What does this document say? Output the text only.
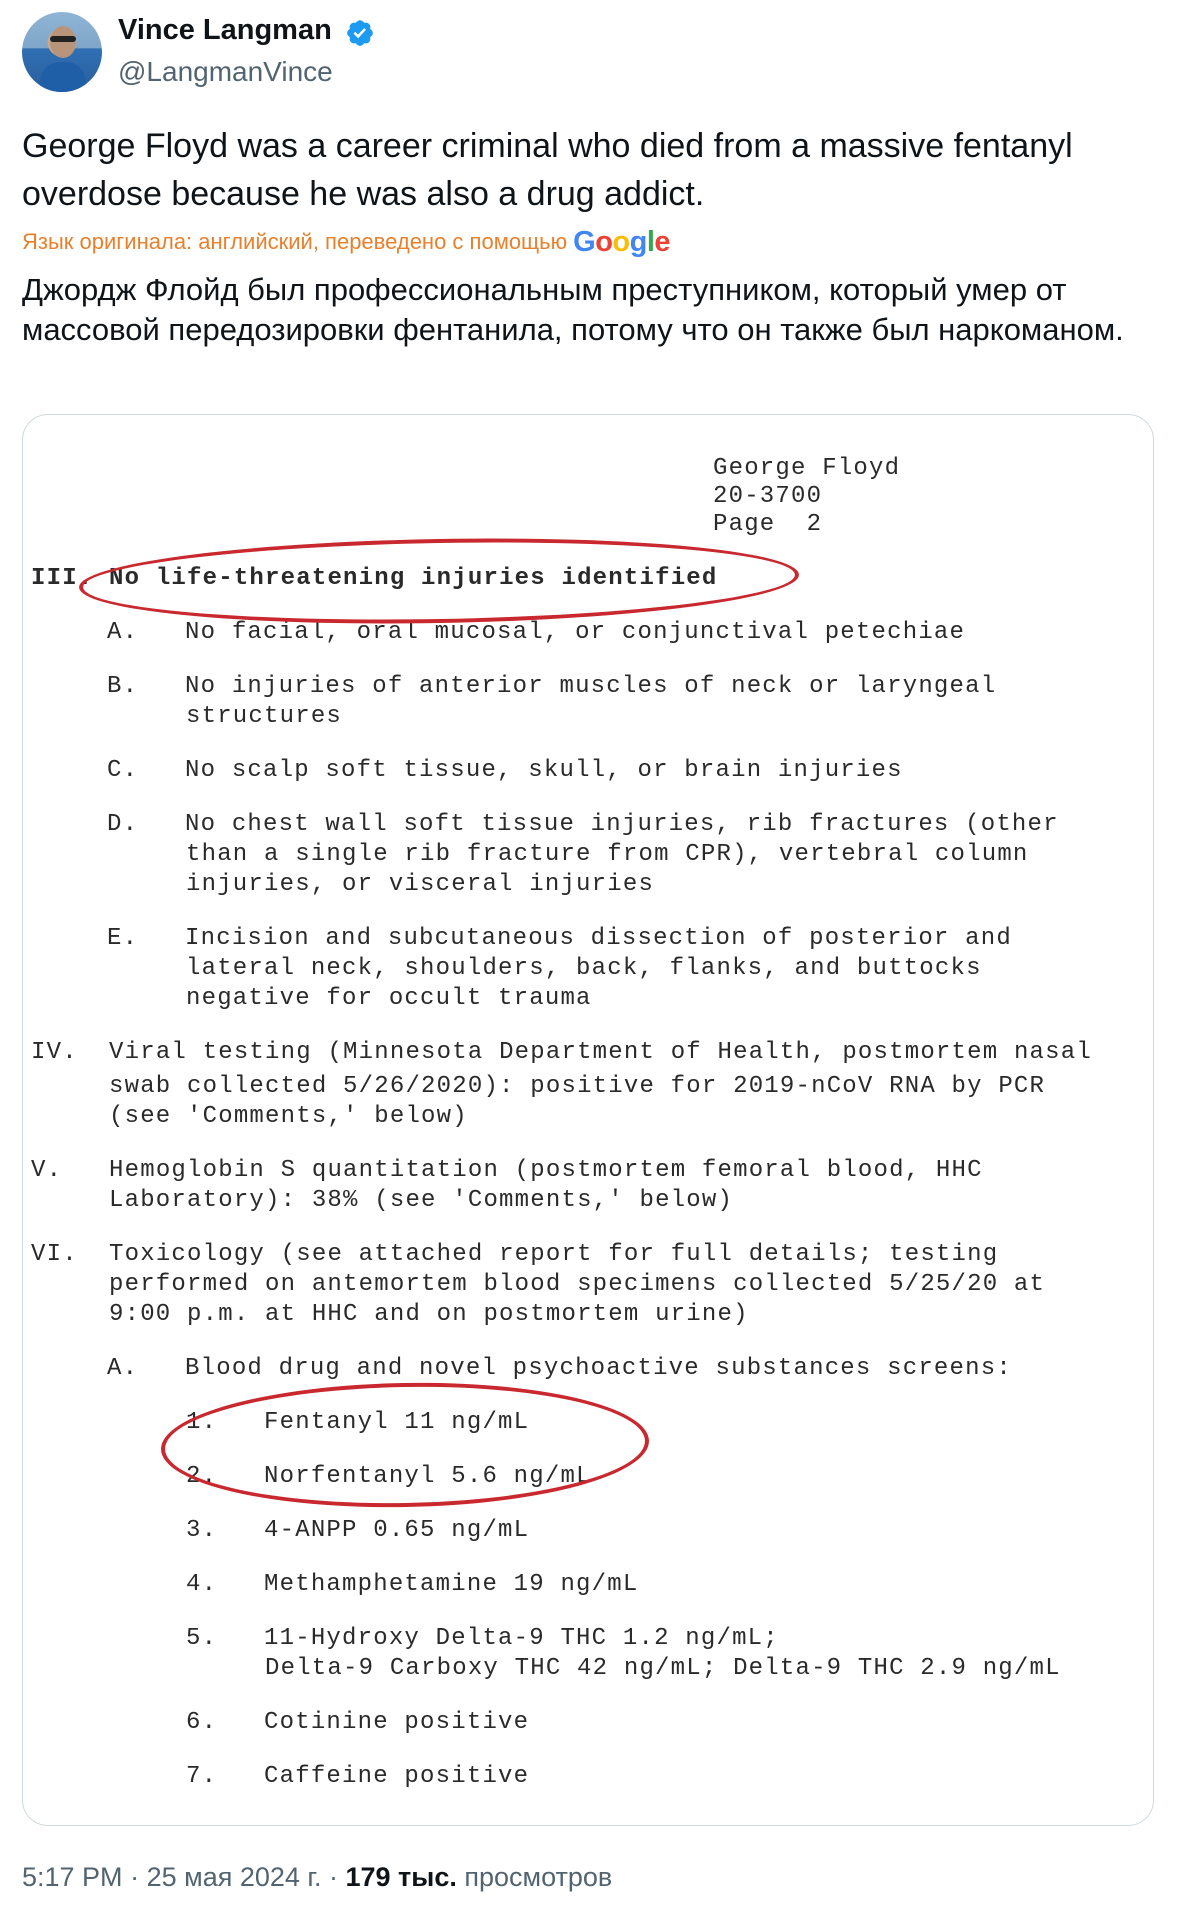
Vince Langman
@LangmanVince
George Floyd was a career criminal who died from a massive fentanyl overdose because he was also a drug addict.
Язык оригинала: английский, переведено с помощью Google
Джордж Флойд был профессиональным преступником, который умер от массовой передозировки фентанила, потому что он также был наркоманом.
George Floyd
20-3700
Page  2
III. No life-threatening injuries identified
A.   No facial, oral mucosal, or conjunctival petechiae
B.   No injuries of anterior muscles of neck or laryngeal
structures
C.   No scalp soft tissue, skull, or brain injuries
D.   No chest wall soft tissue injuries, rib fractures (other
than a single rib fracture from CPR), vertebral column
injuries, or visceral injuries
E.   Incision and subcutaneous dissection of posterior and
lateral neck, shoulders, back, flanks, and buttocks
negative for occult trauma
IV.  Viral testing (Minnesota Department of Health, postmortem nasal
swab collected 5/26/2020): positive for 2019-nCoV RNA by PCR
(see 'Comments,' below)
V.   Hemoglobin S quantitation (postmortem femoral blood, HHC
Laboratory): 38% (see 'Comments,' below)
VI.  Toxicology (see attached report for full details; testing
performed on antemortem blood specimens collected 5/25/20 at
9:00 p.m. at HHC and on postmortem urine)
A.   Blood drug and novel psychoactive substances screens:
1.   Fentanyl 11 ng/mL
2.   Norfentanyl 5.6 ng/mL
3.   4-ANPP 0.65 ng/mL
4.   Methamphetamine 19 ng/mL
5.   11-Hydroxy Delta-9 THC 1.2 ng/mL;
Delta-9 Carboxy THC 42 ng/mL; Delta-9 THC 2.9 ng/mL
6.   Cotinine positive
7.   Caffeine positive
5:17 PM · 25 мая 2024 г. · 179 тыс. просмотров
